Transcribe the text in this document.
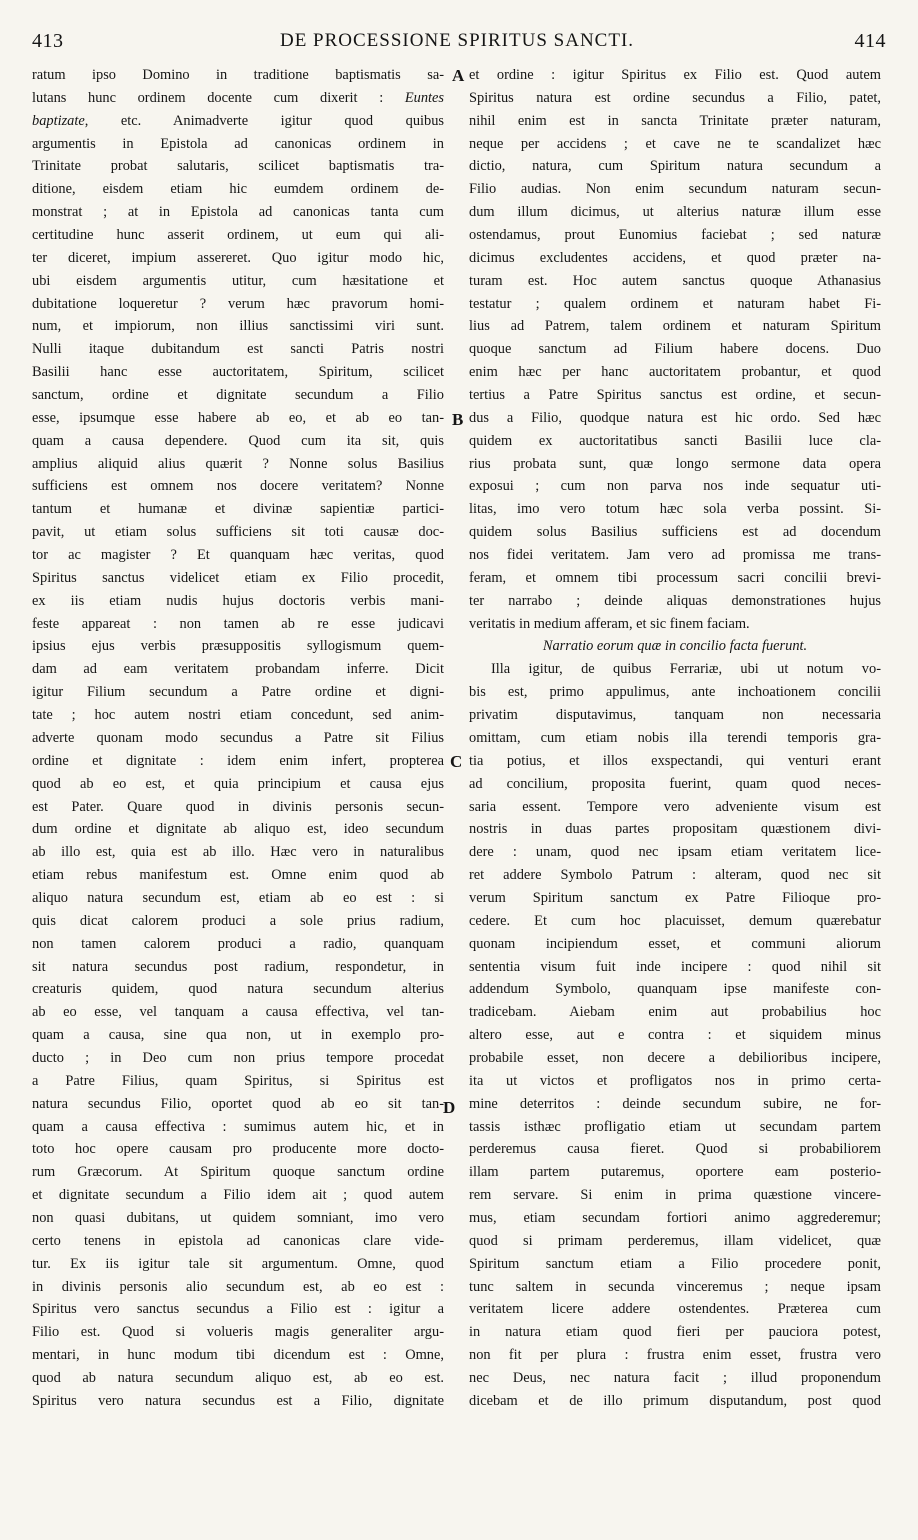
413	DE PROCESSIONE SPIRITUS SANCTI.	414
A
B
C
D
ratum ipso Domino in traditione baptismatis sa-
lutans hunc ordinem docente cum dixerit : Euntes
baptizate, etc. Animadverte igitur quod quibus
argumentis in Epistola ad canonicas ordinem in
Trinitate probat salutaris, scilicet baptismatis tra-
ditione, eisdem etiam hic eumdem ordinem de-
monstrat ; at in Epistola ad canonicas tanta cum
certitudine hunc asserit ordinem, ut eum qui ali-
ter diceret, impium assereret. Quo igitur modo hic,
ubi eisdem argumentis utitur, cum hæsitatione et
dubitatione loqueretur ? verum hæc pravorum homi-
num, et impiorum, non illius sanctissimi viri sunt.
Nulli itaque dubitandum est sancti Patris nostri
Basilii hanc esse auctoritatem, Spiritum, scilicet
sanctum, ordine et dignitate secundum a Filio
esse, ipsumque esse habere ab eo, et ab eo tan-
quam a causa dependere. Quod cum ita sit, quis
amplius aliquid alius quærit ? Nonne solus Basilius
sufficiens est omnem nos docere veritatem? Nonne
tantum et humanæ et divinæ sapientiæ partici-
pavit, ut etiam solus sufficiens sit toti causæ doc-
tor ac magister ? Et quanquam hæc veritas, quod
Spiritus sanctus videlicet etiam ex Filio procedit,
ex iis etiam nudis hujus doctoris verbis mani-
feste appareat : non tamen ab re esse judicavi
ipsius ejus verbis præsuppositis syllogismum quem-
dam ad eam veritatem probandam inferre. Dicit
igitur Filium secundum a Patre ordine et digni-
tate ; hoc autem nostri etiam concedunt, sed anim-
adverte quonam modo secundus a Patre sit Filius
ordine et dignitate : idem enim infert, propterea
quod ab eo est, et quia principium et causa ejus
est Pater. Quare quod in divinis personis secun-
dum ordine et dignitate ab aliquo est, ideo secundum
ab illo est, quia est ab illo. Hæc vero in naturalibus
etiam rebus manifestum est. Omne enim quod ab
aliquo natura secundum est, etiam ab eo est : si
quis dicat calorem produci a sole prius radium,
non tamen calorem produci a radio, quanquam
sit natura secundus post radium, respondetur, in
creaturis quidem, quod natura secundum alterius
ab eo esse, vel tanquam a causa effectiva, vel tan-
quam a causa, sine qua non, ut in exemplo pro-
ducto ; in Deo cum non prius tempore procedat
a Patre Filius, quam Spiritus, si Spiritus est
natura secundus Filio, oportet quod ab eo sit tan-
quam a causa effectiva : sumimus autem hic, et in
toto hoc opere causam pro producente more docto-
rum Græcorum. At Spiritum quoque sanctum ordine
et dignitate secundum a Filio idem ait ; quod autem
non quasi dubitans, ut quidem somniant, imo vero
certo tenens in epistola ad canonicas clare vide-
tur. Ex iis igitur tale sit argumentum. Omne, quod
in divinis personis alio secundum est, ab eo est :
Spiritus vero sanctus secundus a Filio est : igitur a
Filio est. Quod si volueris magis generaliter argu-
mentari, in hunc modum tibi dicendum est : Omne,
quod ab natura secundum aliquo est, ab eo est.
Spiritus vero natura secundus est a Filio, dignitate
et ordine : igitur Spiritus ex Filio est. Quod autem
Spiritus natura est ordine secundus a Filio, patet,
nihil enim est in sancta Trinitate præter naturam,
neque per accidens ; et cave ne te scandalizet hæc
dictio, natura, cum Spiritum natura secundum a
Filio audias. Non enim secundum naturam secun-
dum illum dicimus, ut alterius naturæ illum esse
ostendamus, prout Eunomius faciebat ; sed naturæ
dicimus excludentes accidens, et quod præter na-
turam est. Hoc autem sanctus quoque Athanasius
testatur ; qualem ordinem et naturam habet Fi-
lius ad Patrem, talem ordinem et naturam Spiritum
quoque sanctum ad Filium habere docens. Duo
enim hæc per hanc auctoritatem probantur, et quod
tertius a Patre Spiritus sanctus est ordine, et secun-
dus a Filio, quodque natura est hic ordo. Sed hæc
quidem ex auctoritatibus sancti Basilii luce cla-
rius probata sunt, quæ longo sermone data opera
exposui ; cum non parva nos inde sequatur uti-
litas, imo vero totum hæc sola verba possint. Si-
quidem solus Basilius sufficiens est ad docendum
nos fidei veritatem. Jam vero ad promissa me trans-
feram, et omnem tibi processum sacri concilii brevi-
ter narrabo ; deinde aliquas demonstrationes hujus
veritatis in medium afferam, et sic finem faciam.
Narratio eorum quæ in concilio facta fuerunt.
Illa igitur, de quibus Ferrariæ, ubi ut notum vo-
bis est, primo appulimus, ante inchoationem concilii
privatim disputavimus, tanquam non necessaria
omittam, cum etiam nobis illa terendi temporis gra-
tia potius, et illos exspectandi, qui venturi erant
ad concilium, proposita fuerint, quam quod neces-
saria essent. Tempore vero adveniente visum est
nostris in duas partes propositam quæstionem divi-
dere : unam, quod nec ipsam etiam veritatem lice-
ret addere Symbolo Patrum : alteram, quod nec sit
verum Spiritum sanctum ex Patre Filioque pro-
cedere. Et cum hoc placuisset, demum quærebatur
quonam incipiendum esset, et communi aliorum
sententia visum fuit inde incipere : quod nihil sit
addendum Symbolo, quanquam ipse manifeste con-
tradicebam. Aiebam enim aut probabilius hoc
altero esse, aut e contra : et siquidem minus
probabile esset, non decere a debilioribus incipere,
ita ut victos et profligatos nos in primo certa-
mine deterritos : deinde secundum subire, ne for-
tassis isthæc profligatio etiam ut secundam partem
perderemus causa fieret. Quod si probabiliorem
illam partem putaremus, oportere eam posterio-
rem servare. Si enim in prima quæstione vincere-
mus, etiam secundam fortiori animo aggrederemur;
quod si primam perderemus, illam videlicet, quæ
Spiritum sanctum etiam a Filio procedere ponit,
tunc saltem in secunda vinceremus ; neque ipsam
veritatem licere addere ostendentes. Præterea cum
in natura etiam quod fieri per pauciora potest,
non fit per plura : frustra enim esset, frustra vero
nec Deus, nec natura facit ; illud proponendum
dicebam et de illo primum disputandum, post quod
